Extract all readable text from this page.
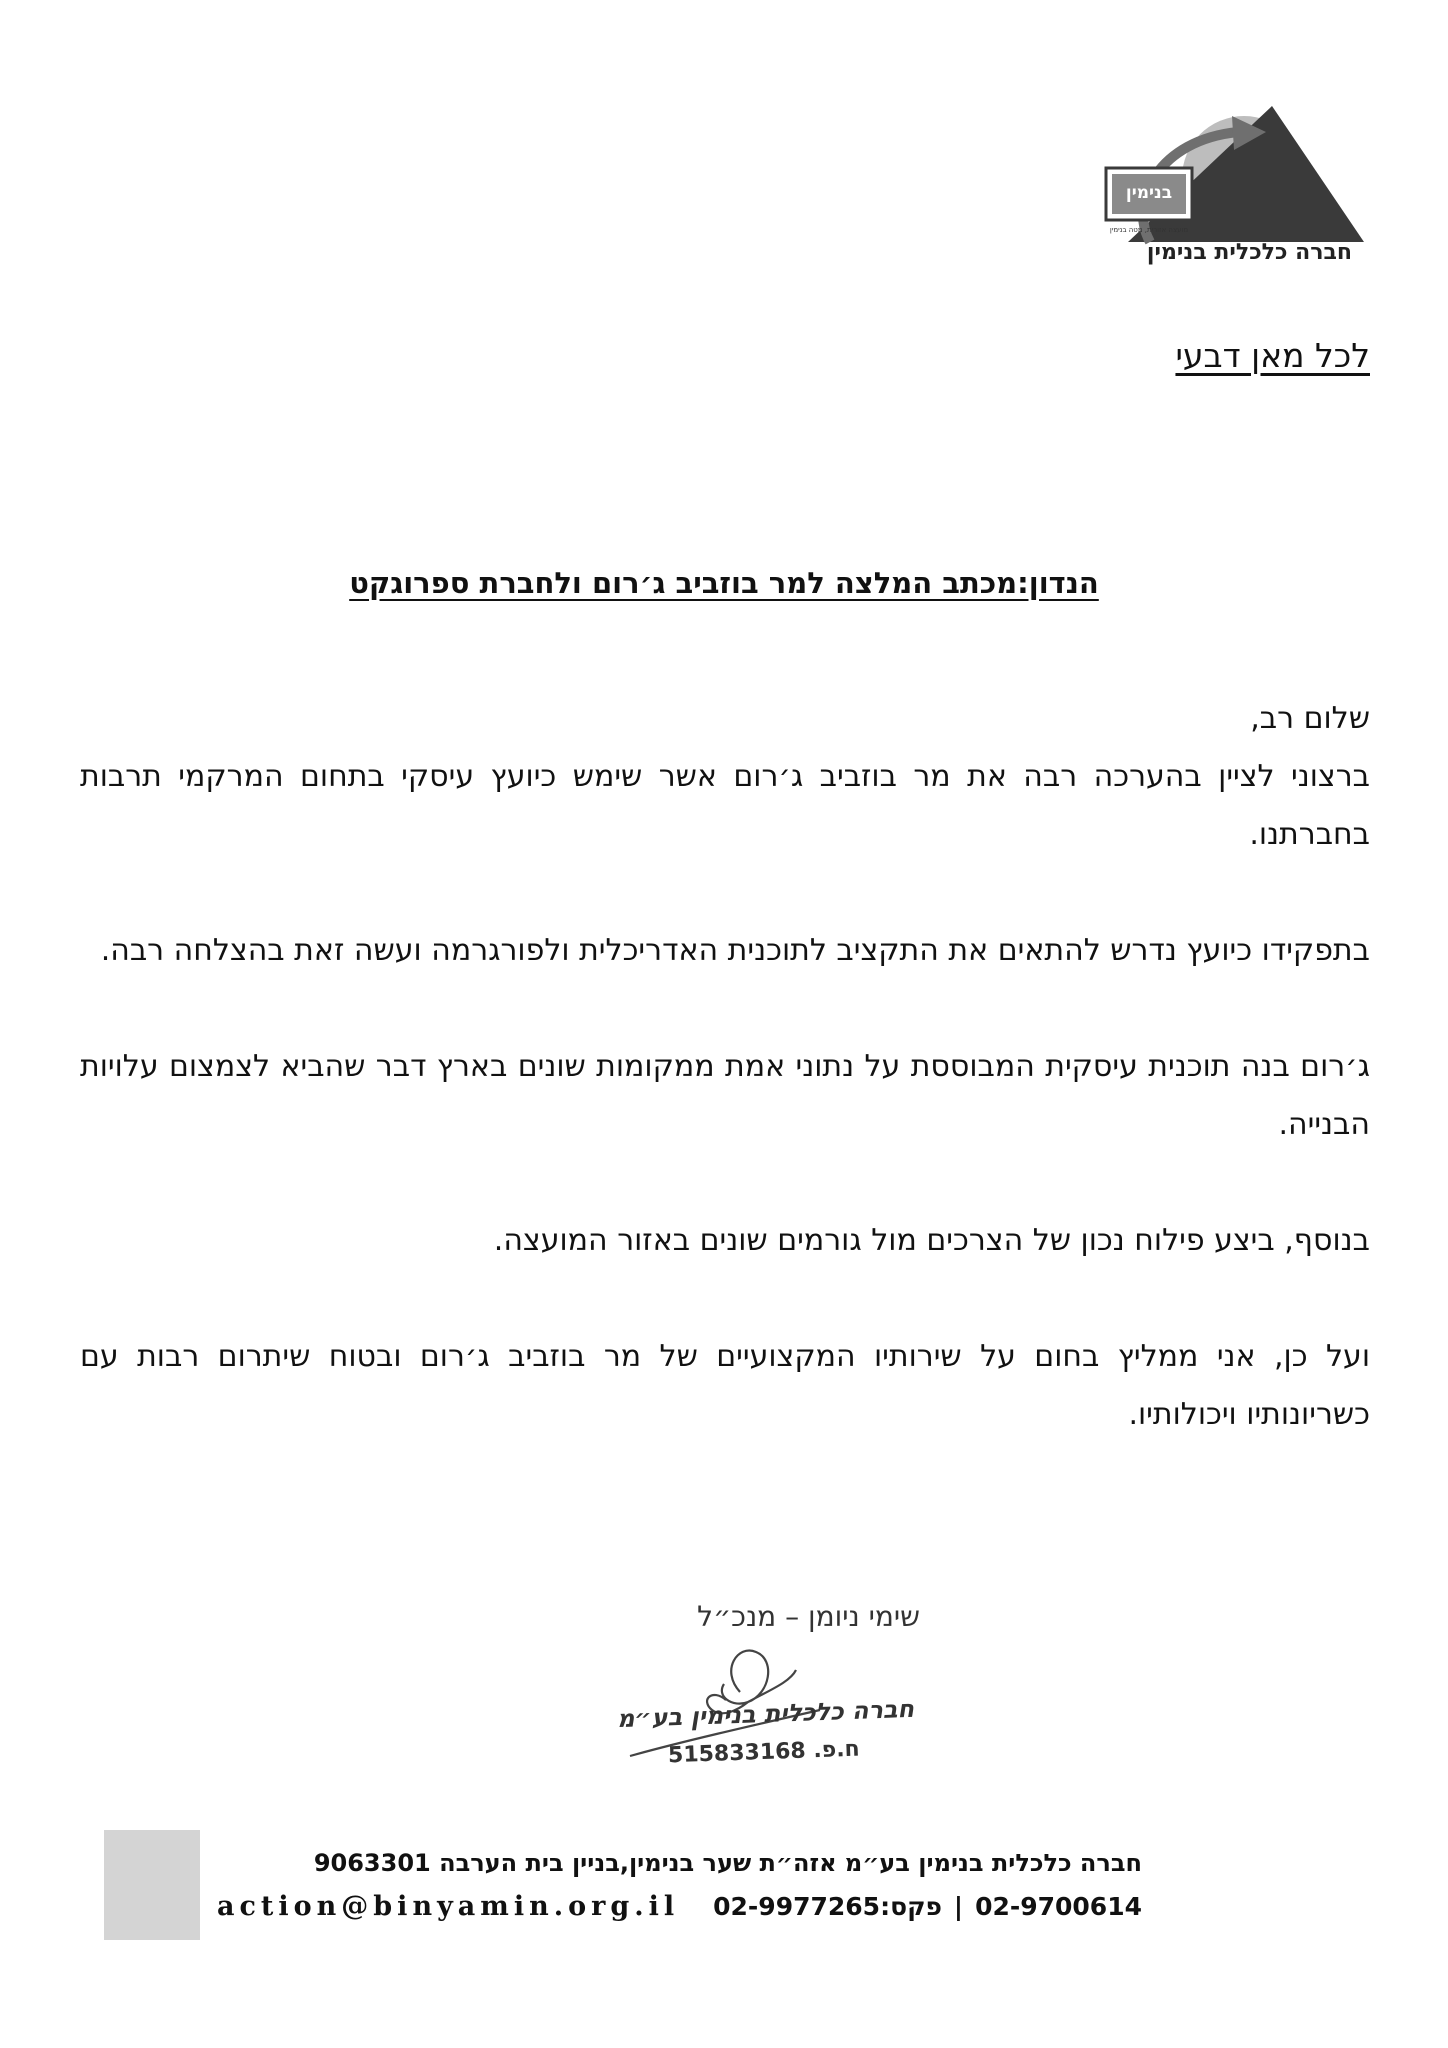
בנימין
מועצה אזורית, מטה בנימין
חברה כלכלית בנימין
לכל מאן דבעי
הנדון:מכתב המלצה למר בוזביב ג׳רום ולחברת ספרוגקט

שלום רב,

ברצוני לציין בהערכה רבה את מר בוזביב ג׳רום אשר שימש כיועץ עיסקי בתחום המרקמי תרבות בחברתנו.

בתפקידו כיועץ נדרש להתאים את התקציב לתוכנית האדריכלית ולפורגרמה ועשה זאת בהצלחה רבה.

ג׳רום בנה תוכנית עיסקית המבוססת על נתוני אמת ממקומות שונים בארץ דבר שהביא לצמצום עלויות הבנייה.

בנוסף, ביצע פילוח נכון של הצרכים מול גורמים שונים באזור המועצה.

ועל כן, אני ממליץ בחום על שירותיו המקצועיים של מר בוזביב ג׳רום ובטוח שיתרום רבות עם כשריונותיו ויכולותיו.

שימי ניומן – מנכ״ל
חברה כלכלית בנימין בע״מ
ח.פ. 515833168
חברה כלכלית בנימין בע״מ אזה״ת שער בנימין,בניין בית הערבה 9063301
02-9700614
|
פקס:02-9977265
action@binyamin.org.il
